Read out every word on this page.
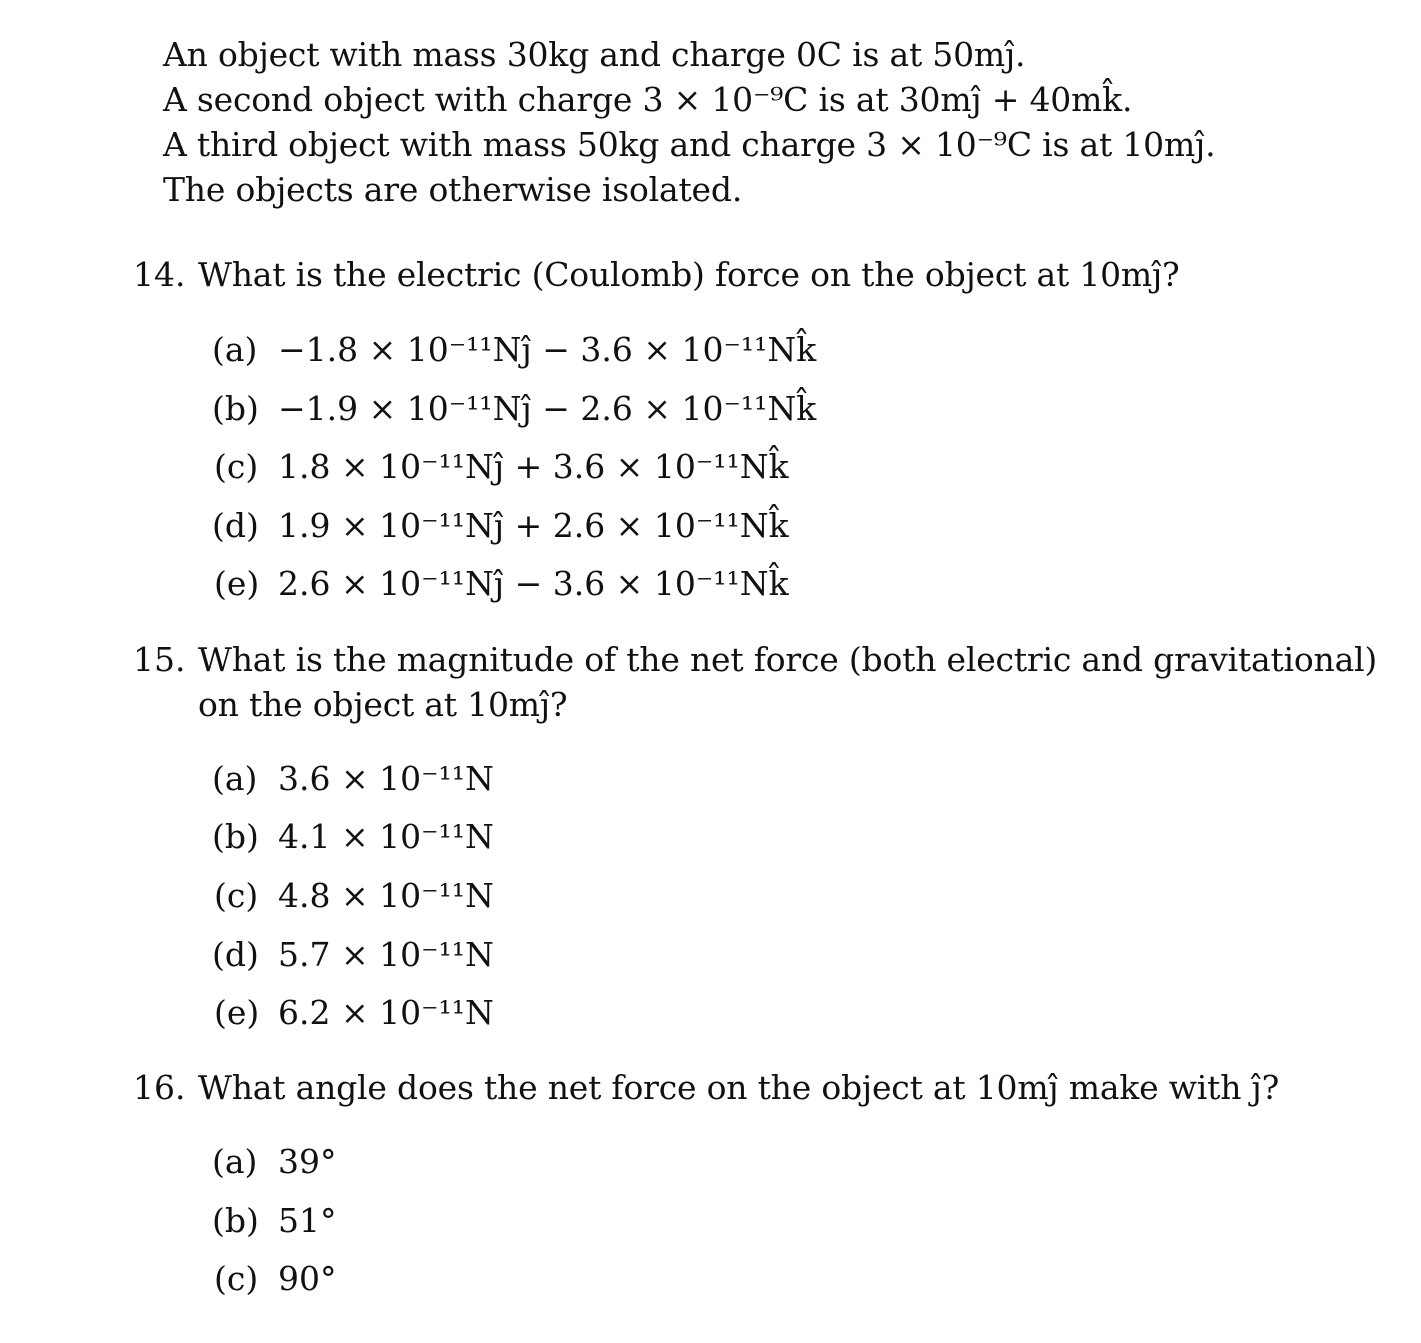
An object with mass 30kg and charge 0C is at 50mĵ.
A second object with charge 3 × 10⁻⁹C is at 30mĵ + 40mk̂.
A third object with mass 50kg and charge 3 × 10⁻⁹C is at 10mĵ.
The objects are otherwise isolated.
14. What is the electric (Coulomb) force on the object at 10mĵ?
(a) −1.8 × 10⁻¹¹Nĵ − 3.6 × 10⁻¹¹Nk̂
(b) −1.9 × 10⁻¹¹Nĵ − 2.6 × 10⁻¹¹Nk̂
(c) 1.8 × 10⁻¹¹Nĵ + 3.6 × 10⁻¹¹Nk̂
(d) 1.9 × 10⁻¹¹Nĵ + 2.6 × 10⁻¹¹Nk̂
(e) 2.6 × 10⁻¹¹Nĵ − 3.6 × 10⁻¹¹Nk̂
15. What is the magnitude of the net force (both electric and gravitational)
on the object at 10mĵ?
(a) 3.6 × 10⁻¹¹N
(b) 4.1 × 10⁻¹¹N
(c) 4.8 × 10⁻¹¹N
(d) 5.7 × 10⁻¹¹N
(e) 6.2 × 10⁻¹¹N
16. What angle does the net force on the object at 10mĵ make with ĵ?
(a) 39°
(b) 51°
(c) 90°
